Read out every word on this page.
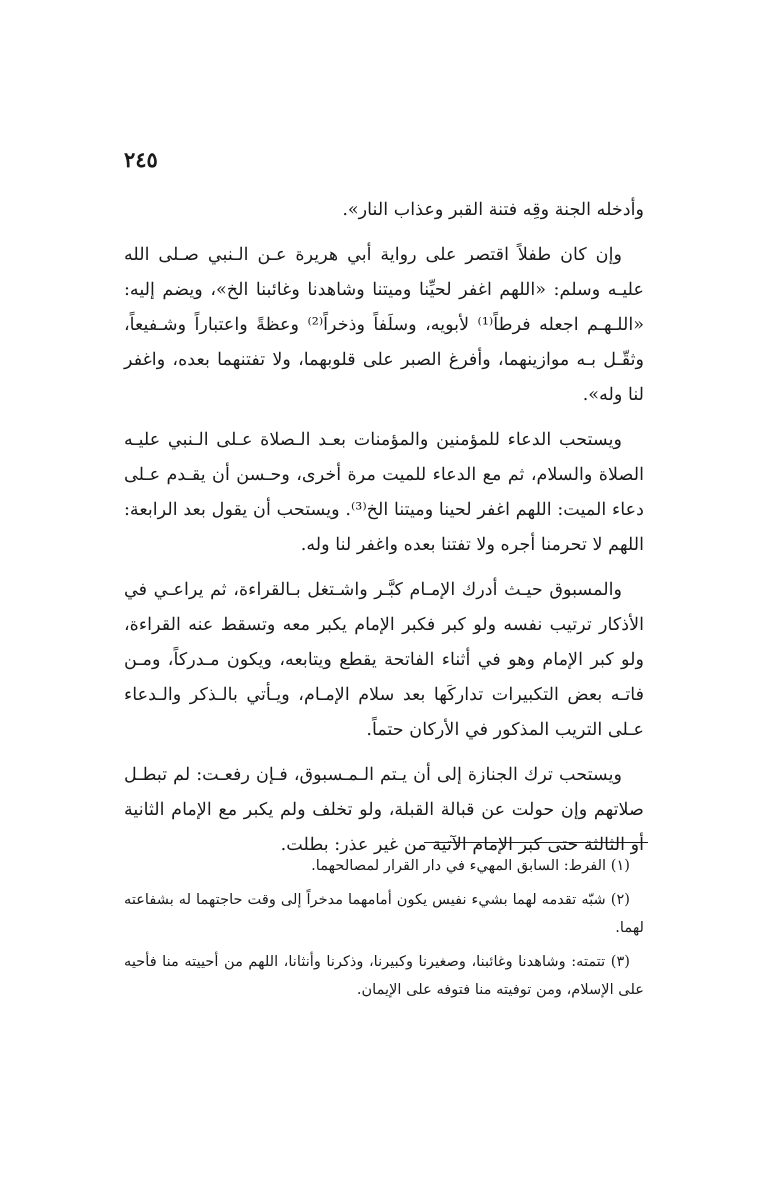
٢٤٥

وأدخله الجنة وقِه فتنة القبر وعذاب النار».

وإن كان طفلاً اقتصر على رواية أبي هريرة عـن الـنبي صـلى الله عليـه وسلم: «اللهم اغفر لحيِّنا وميتنا وشاهدنا وغائبنا الخ»، ويضم إليه: «اللـهـم اجعله فرطاً⁽¹⁾ لأبويه، وسلَفاً وذخراً⁽²⁾ وعظةً واعتباراً وشـفيعاً، وثقّـل بـه موازينهما، وأفرغ الصبر على قلوبهما، ولا تفتنهما بعده، واغفر لنا وله».

ويستحب الدعاء للمؤمنين والمؤمنات بعـد الـصلاة عـلى الـنبي عليـه الصلاة والسلام، ثم مع الدعاء للميت مرة أخرى، وحـسن أن يقـدم عـلى دعاء الميت: اللهم اغفر لحينا وميتنا الخ⁽³⁾. ويستحب أن يقول بعد الرابعة: اللهم لا تحرمنا أجره ولا تفتنا بعده واغفر لنا وله.

والمسبوق حيـث أدرك الإمـام كبَّـر واشـتغل بـالقراءة، ثم يراعـي في الأذكار ترتيب نفسه ولو كبر فكبر الإمام يكبر معه وتسقط عنه القراءة، ولو كبر الإمام وهو في أثناء الفاتحة يقطع ويتابعه، ويكون مـدركاً، ومـن فاتـه بعض التكبيرات تداركَها بعد سلام الإمـام، ويـأتي بالـذكر والـدعاء عـلى التريب المذكور في الأركان حتماً.

ويستحب ترك الجنازة إلى أن يـتم الـمـسبوق، فـإن رفعـت: لم تبطـل صلاتهم وإن حولت عن قبالة القبلة، ولو تخلف ولم يكبر مع الإمام الثانية أو الثالثة حتى كبر الإمام الآتية من غير عذر: بطلت.

(١) الفرط: السابق المهيء في دار القرار لمصالحهما.

(٢) شبّه تقدمه لهما بشيء نفيس يكون أمامهما مدخراً إلى وقت حاجتهما له بشفاعته لهما.

(٣) تتمته: وشاهدنا وغائبنا، وصغيرنا وكبيرنا، وذكرنا وأنثانا، اللهم من أحييته منا فأحيه على الإسلام، ومن توفيته منا فتوفه على الإيمان.
